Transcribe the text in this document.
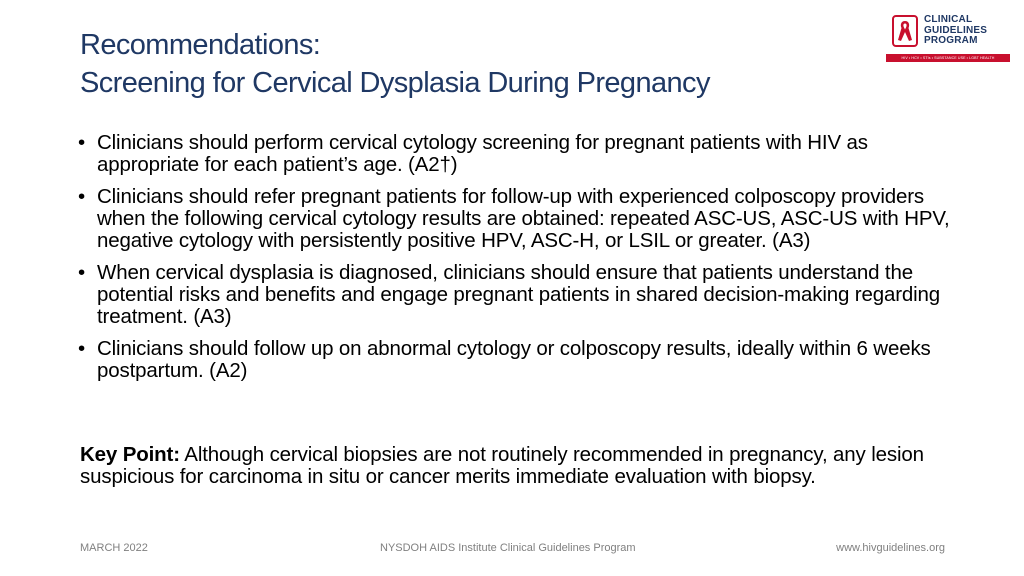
Recommendations:
Screening for Cervical Dysplasia During Pregnancy
CLINICAL
GUIDELINES
PROGRAM
HIV • HCV • STIs • SUBSTANCE USE • LGBT HEALTH
• Clinicians should perform cervical cytology screening for pregnant patients with HIV as appropriate for each patient’s age. (A2†)
• Clinicians should refer pregnant patients for follow-up with experienced colposcopy providers when the following cervical cytology results are obtained: repeated ASC-US, ASC-US with HPV, negative cytology with persistently positive HPV, ASC-H, or LSIL or greater. (A3)
• When cervical dysplasia is diagnosed, clinicians should ensure that patients understand the potential risks and benefits and engage pregnant patients in shared decision-making regarding treatment. (A3)
• Clinicians should follow up on abnormal cytology or colposcopy results, ideally within 6 weeks postpartum. (A2)
Key Point: Although cervical biopsies are not routinely recommended in pregnancy, any lesion suspicious for carcinoma in situ or cancer merits immediate evaluation with biopsy.
MARCH 2022	NYSDOH AIDS Institute Clinical Guidelines Program	www.hivguidelines.org
